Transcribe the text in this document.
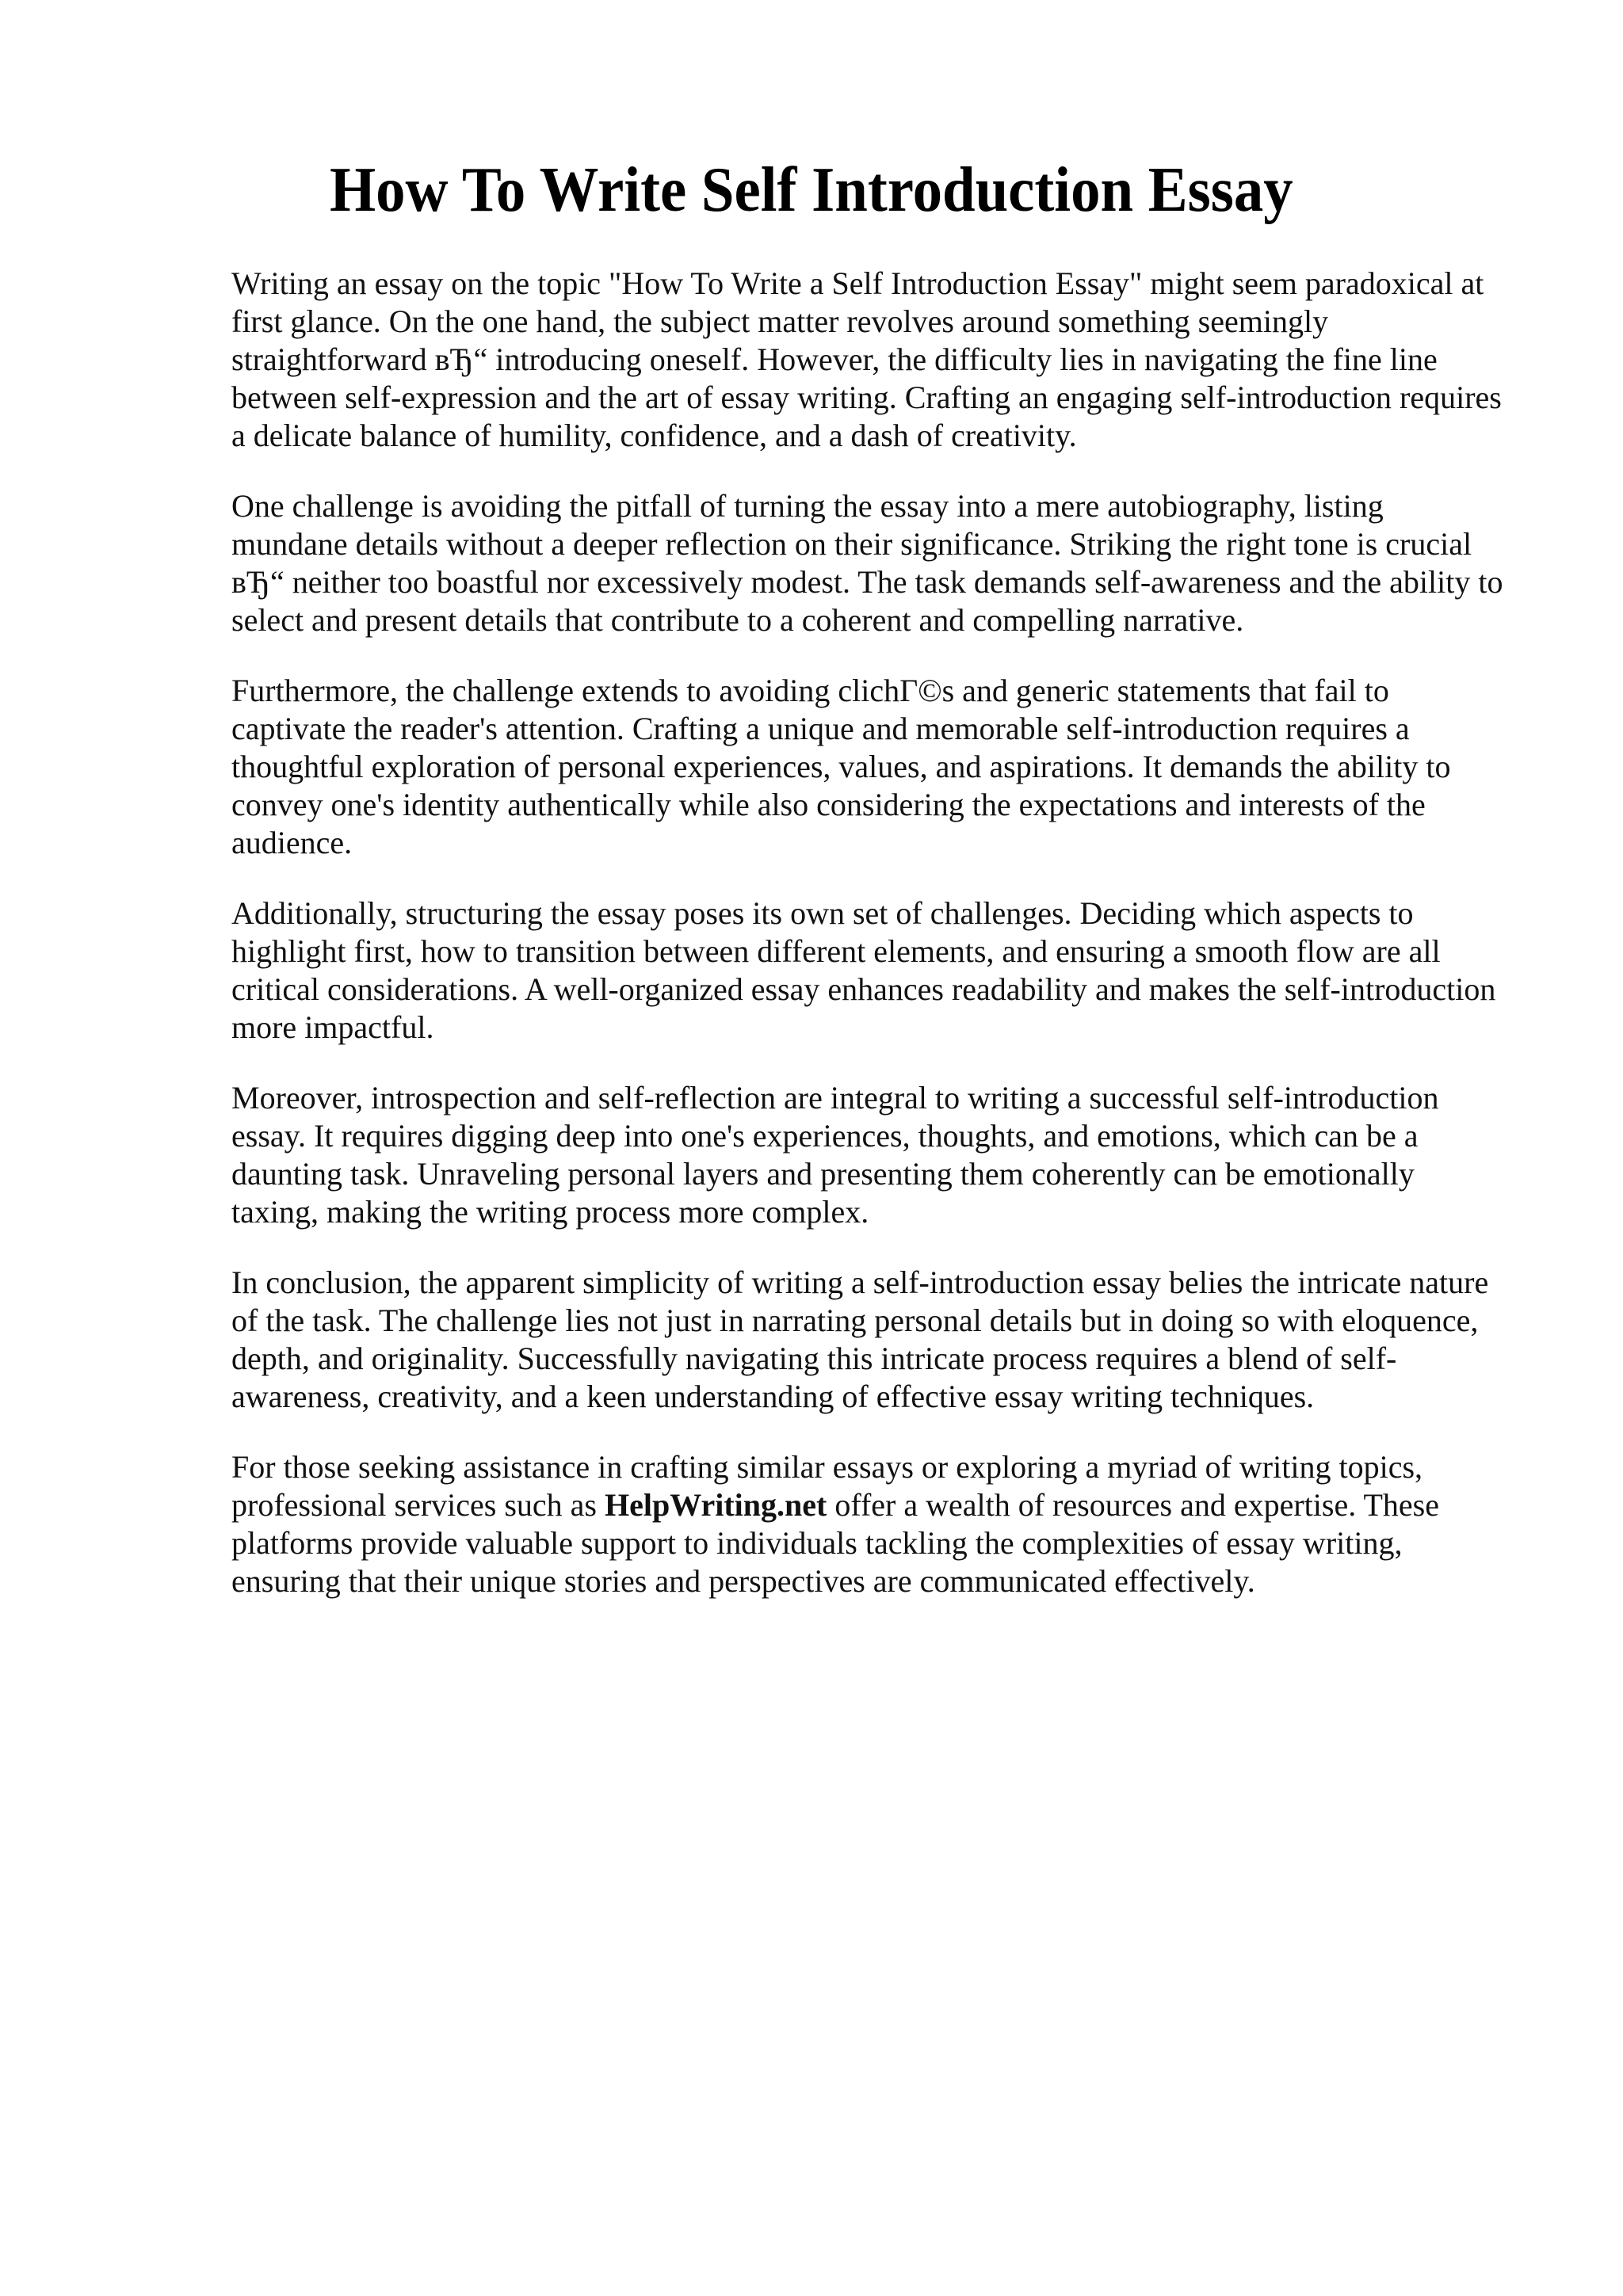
How To Write Self Introduction Essay

Writing an essay on the topic "How To Write a Self Introduction Essay" might seem paradoxical at first glance. On the one hand, the subject matter revolves around something seemingly straightforward вЂ“ introducing oneself. However, the difficulty lies in navigating the fine line between self-expression and the art of essay writing. Crafting an engaging self-introduction requires a delicate balance of humility, confidence, and a dash of creativity.

One challenge is avoiding the pitfall of turning the essay into a mere autobiography, listing mundane details without a deeper reflection on their significance. Striking the right tone is crucial вЂ“ neither too boastful nor excessively modest. The task demands self-awareness and the ability to select and present details that contribute to a coherent and compelling narrative.

Furthermore, the challenge extends to avoiding clichГ©s and generic statements that fail to captivate the reader's attention. Crafting a unique and memorable self-introduction requires a thoughtful exploration of personal experiences, values, and aspirations. It demands the ability to convey one's identity authentically while also considering the expectations and interests of the audience.

Additionally, structuring the essay poses its own set of challenges. Deciding which aspects to highlight first, how to transition between different elements, and ensuring a smooth flow are all critical considerations. A well-organized essay enhances readability and makes the self-introduction more impactful.

Moreover, introspection and self-reflection are integral to writing a successful self-introduction essay. It requires digging deep into one's experiences, thoughts, and emotions, which can be a daunting task. Unraveling personal layers and presenting them coherently can be emotionally taxing, making the writing process more complex.

In conclusion, the apparent simplicity of writing a self-introduction essay belies the intricate nature of the task. The challenge lies not just in narrating personal details but in doing so with eloquence, depth, and originality. Successfully navigating this intricate process requires a blend of self-awareness, creativity, and a keen understanding of effective essay writing techniques.

For those seeking assistance in crafting similar essays or exploring a myriad of writing topics, professional services such as HelpWriting.net offer a wealth of resources and expertise. These platforms provide valuable support to individuals tackling the complexities of essay writing, ensuring that their unique stories and perspectives are communicated effectively.
